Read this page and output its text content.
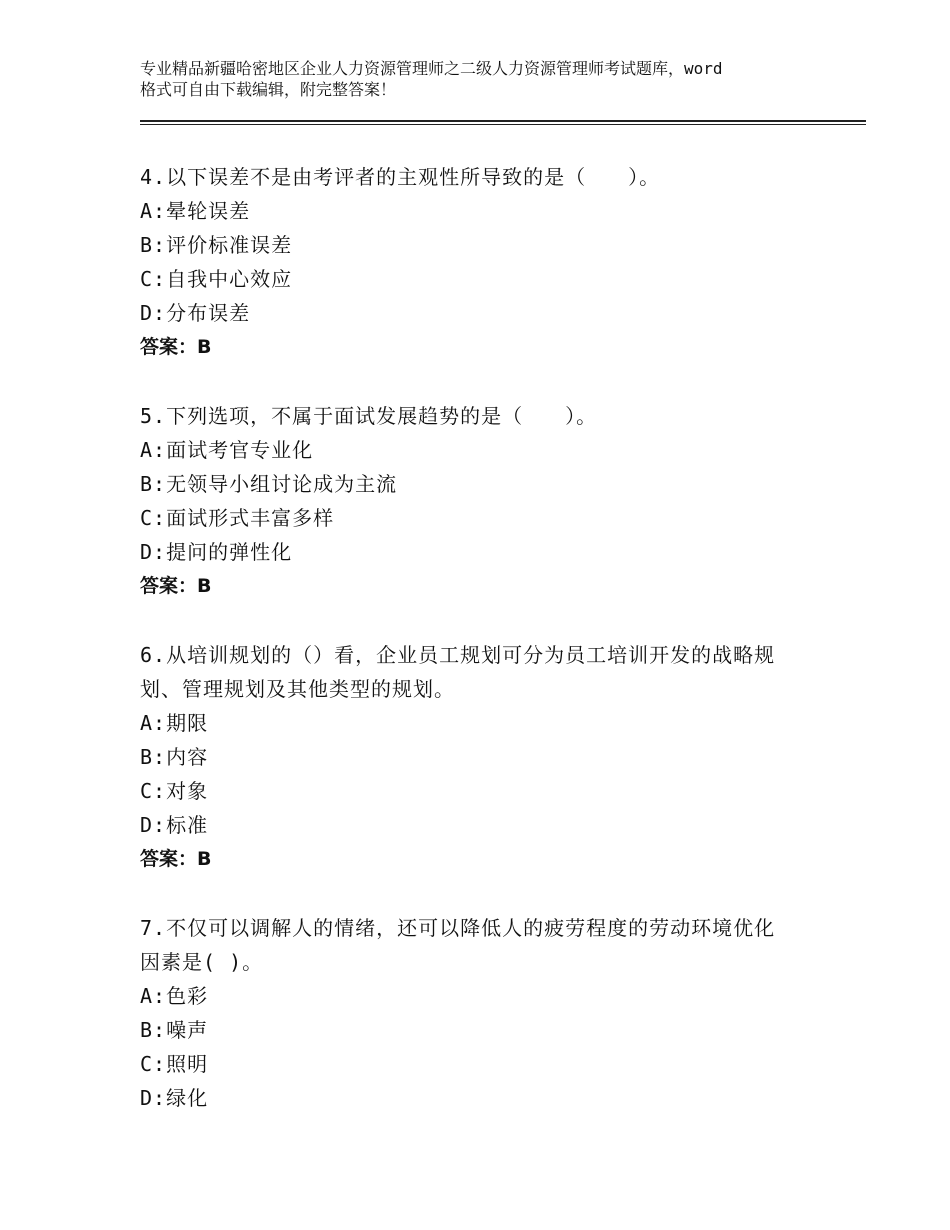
专业精品新疆哈密地区企业人力资源管理师之二级人力资源管理师考试题库，word
格式可自由下载编辑，附完整答案！
4.以下误差不是由考评者的主观性所导致的是（　　）。
A:晕轮误差
B:评价标准误差
C:自我中心效应
D:分布误差
答案：B
5.下列选项，不属于面试发展趋势的是（　　）。
A:面试考官专业化
B:无领导小组讨论成为主流
C:面试形式丰富多样
D:提问的弹性化
答案：B
6.从培训规划的（）看，企业员工规划可分为员工培训开发的战略规
划、管理规划及其他类型的规划。
A:期限
B:内容
C:对象
D:标准
答案：B
7.不仅可以调解人的情绪，还可以降低人的疲劳程度的劳动环境优化
因素是( )。
A:色彩
B:噪声
C:照明
D:绿化
